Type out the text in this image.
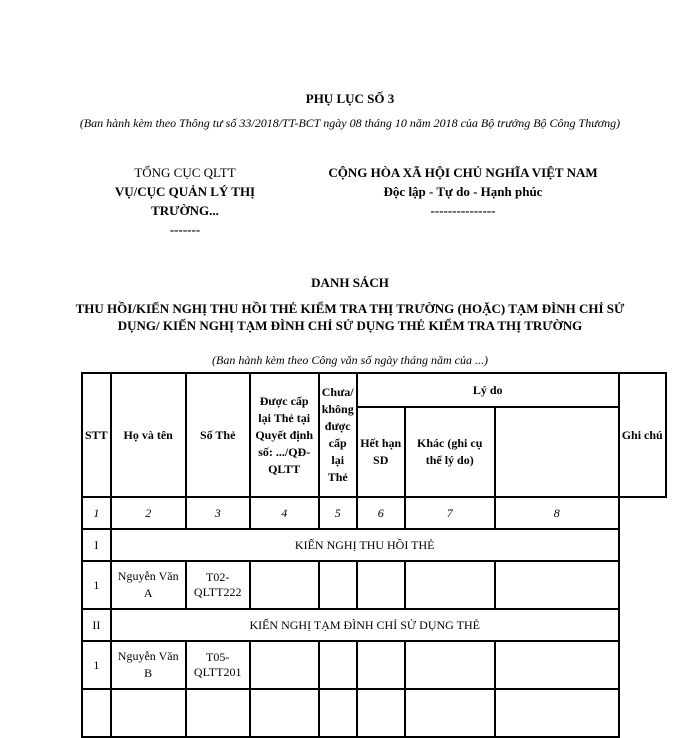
PHỤ LỤC SỐ 3
(Ban hành kèm theo Thông tư số 33/2018/TT-BCT ngày 08 tháng 10 năm 2018 của Bộ trưởng Bộ Công Thương)
TỔNG CỤC QLTT
VỤ/CỤC QUẢN LÝ THỊ TRƯỜNG...
-------
CỘNG HÒA XÃ HỘI CHỦ NGHĨA VIỆT NAM
Độc lập - Tự do - Hạnh phúc
---------------
DANH SÁCH
THU HỒI/KIẾN NGHỊ THU HỒI THẺ KIỂM TRA THỊ TRƯỜNG (HOẶC) TẠM ĐÌNH CHỈ SỬ DỤNG/ KIẾN NGHỊ TẠM ĐÌNH CHỈ SỬ DỤNG THẺ KIỂM TRA THỊ TRƯỜNG
(Ban hành kèm theo Công văn số ngày tháng năm của ...)
STT	Họ và tên	Số Thẻ	Được cấp lại Thẻ tại Quyết định số: .../QĐ-QLTT	Chưa/ không được cấp lại Thẻ	Lý do			Ghi chú
					Hết hạn SD	Khác (ghi cụ thể lý do)		
1	2	3	4	5	6	7	8	
I	KIẾN NGHỊ THU HỒI THẺ							
1	Nguyễn Văn A	T02-QLTT222						
II	KIẾN NGHỊ TẠM ĐÌNH CHỈ SỬ DỤNG THẺ							
1	Nguyễn Văn B	T05-QLTT201						
